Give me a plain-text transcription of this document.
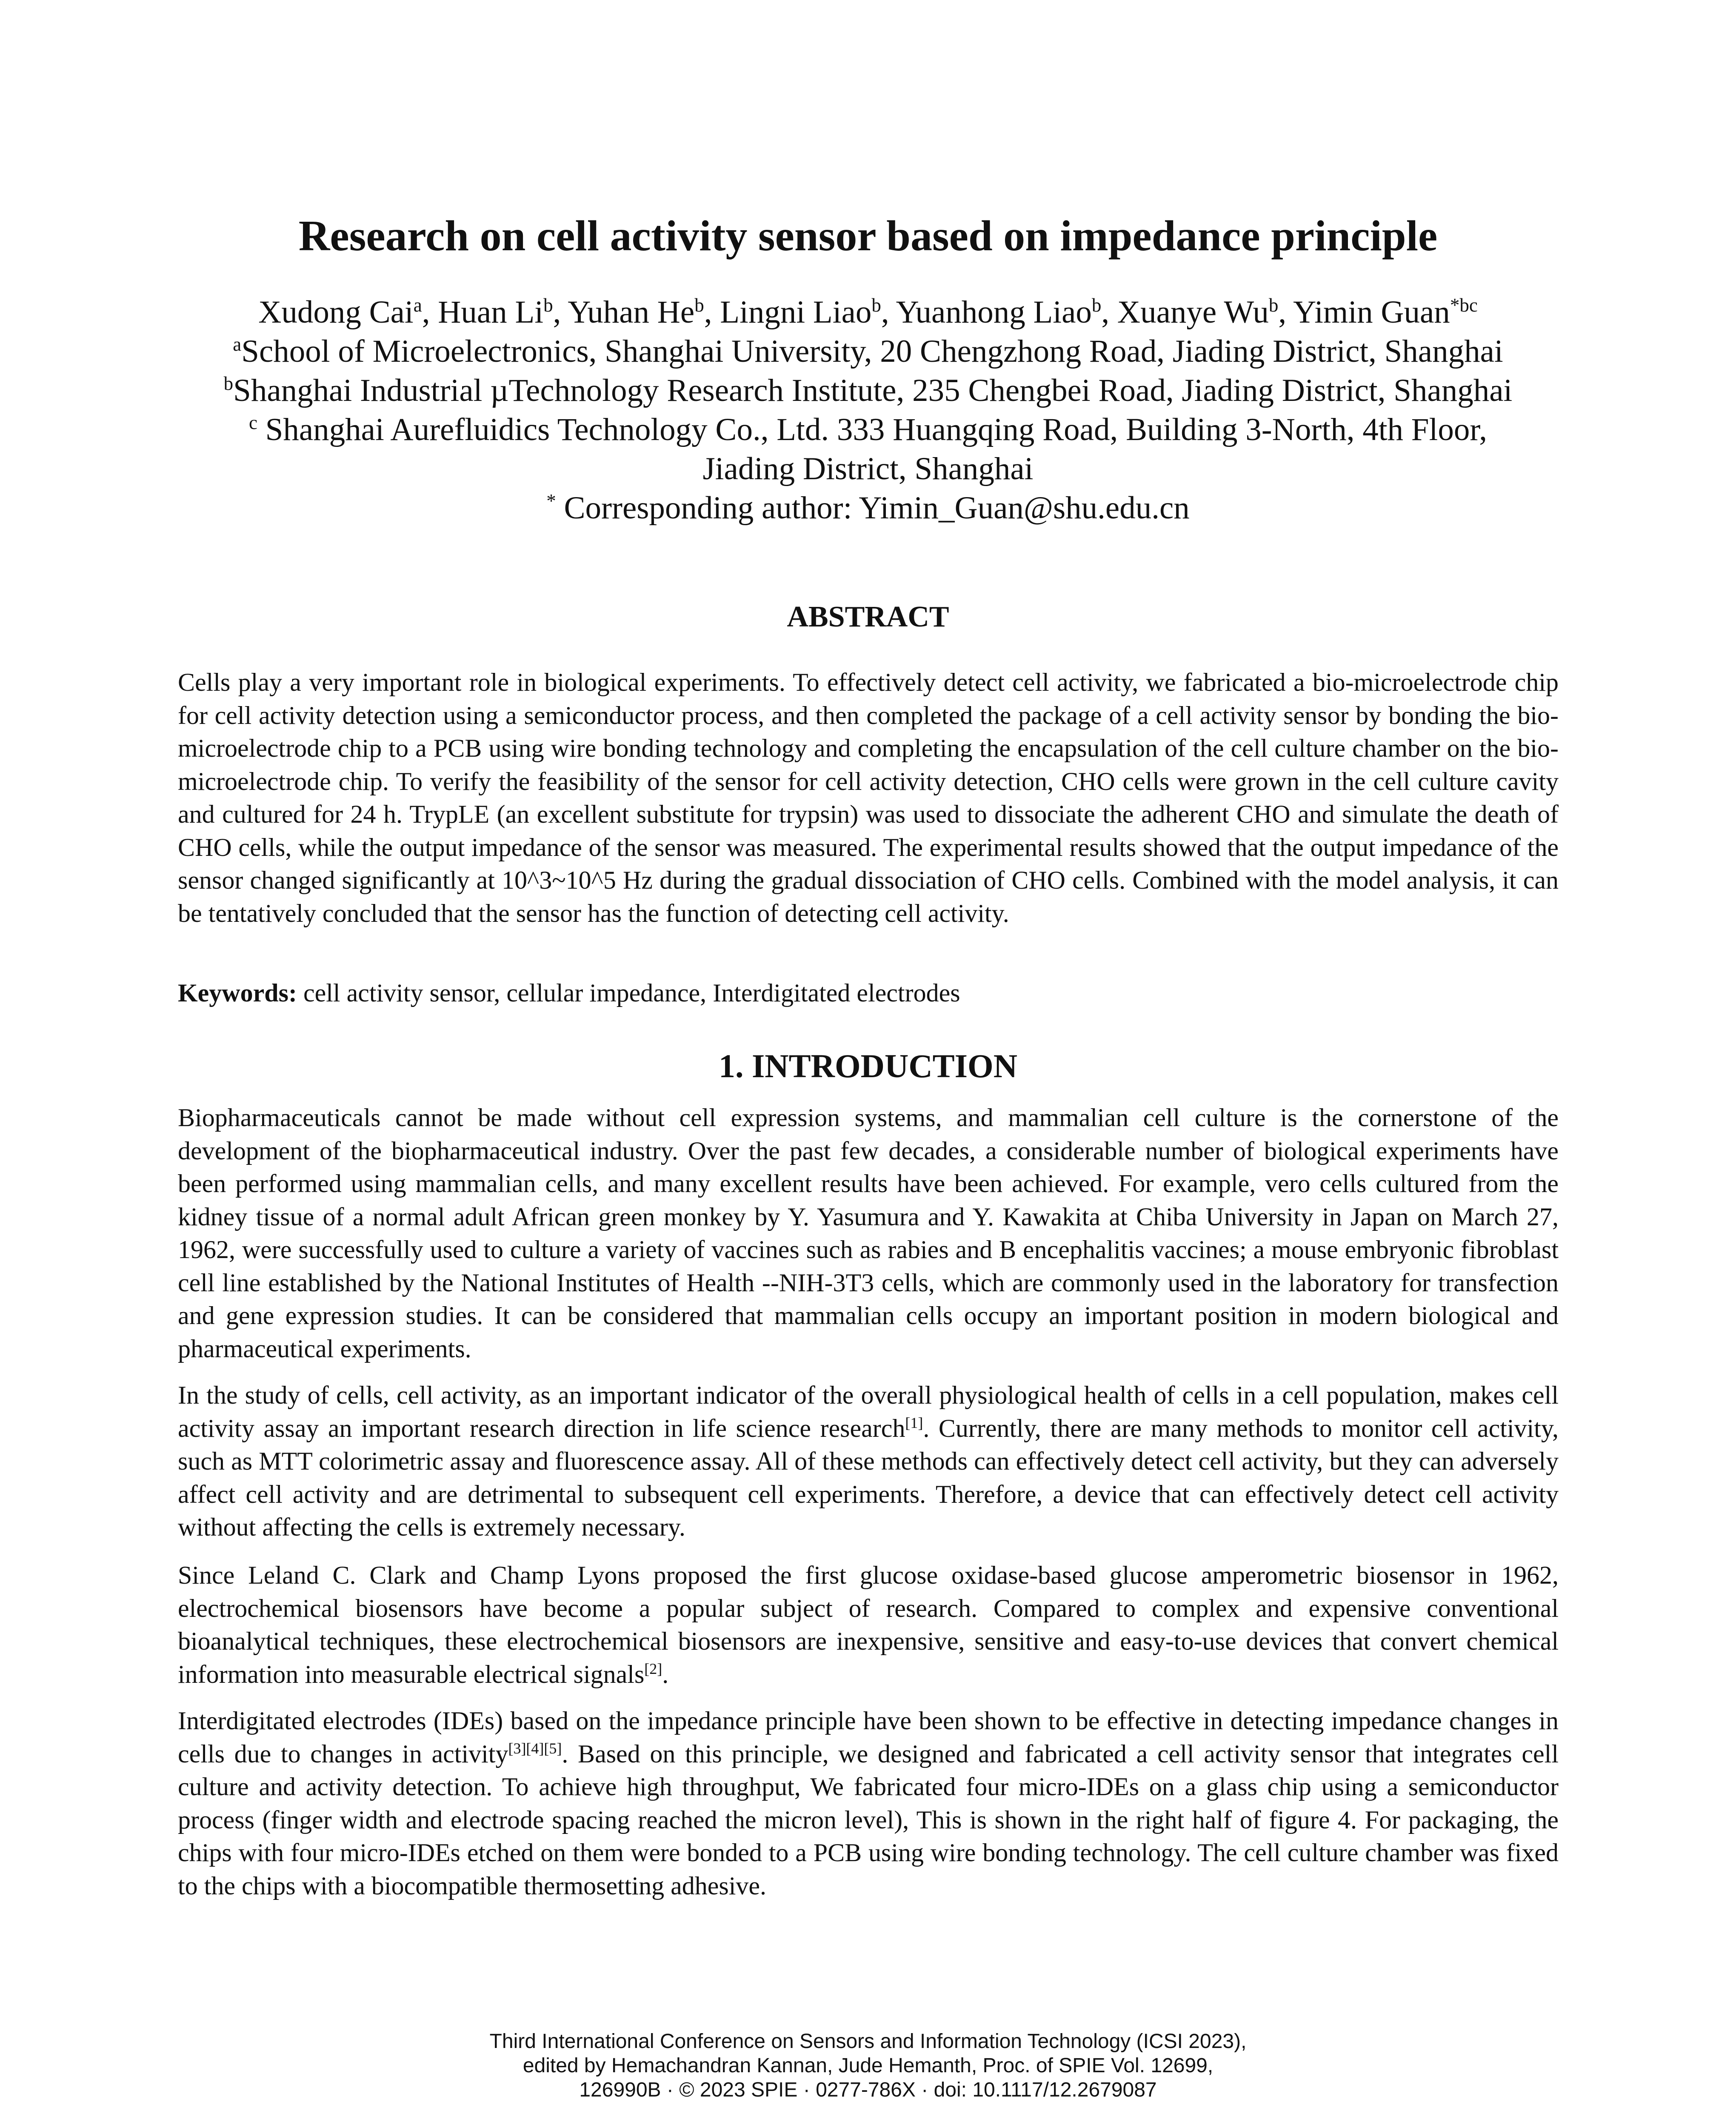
Research on cell activity sensor based on impedance principle
Xudong Cai$^a$, Huan Li$^b$, Yuhan He$^b$, Lingni Liao$^b$, Yuanhong Liao$^b$, Xuanye Wu$^b$, Yimin Guan$^{*bc}$
$^a$School of Microelectronics, Shanghai University, 20 Chengzhong Road, Jiading District, Shanghai
$^b$Shanghai Industrial µTechnology Research Institute, 235 Chengbei Road, Jiading District, Shanghai
$^c$ Shanghai Aurefluidics Technology Co., Ltd. 333 Huangqing Road, Building 3-North, 4th Floor,
Jiading District, Shanghai
* Corresponding author: Yimin_Guan@shu.edu.cn
ABSTRACT

Cells play a very important role in biological experiments. To effectively detect cell activity, we fabricated a bio-microelectrode chip for cell activity detection using a semiconductor process, and then completed the package of a cell activity sensor by bonding the bio-microelectrode chip to a PCB using wire bonding technology and completing the encapsulation of the cell culture chamber on the bio-microelectrode chip. To verify the feasibility of the sensor for cell activity detection, CHO cells were grown in the cell culture cavity and cultured for 24 h. TrypLE (an excellent substitute for trypsin) was used to dissociate the adherent CHO and simulate the death of CHO cells, while the output impedance of the sensor was measured. The experimental results showed that the output impedance of the sensor changed significantly at 10^3~10^5 Hz during the gradual dissociation of CHO cells. Combined with the model analysis, it can be tentatively concluded that the sensor has the function of detecting cell activity.

Keywords: cell activity sensor, cellular impedance, Interdigitated electrodes

1. INTRODUCTION

Biopharmaceuticals cannot be made without cell expression systems, and mammalian cell culture is the cornerstone of the development of the biopharmaceutical industry. Over the past few decades, a considerable number of biological experiments have been performed using mammalian cells, and many excellent results have been achieved. For example, vero cells cultured from the kidney tissue of a normal adult African green monkey by Y. Yasumura and Y. Kawakita at Chiba University in Japan on March 27, 1962, were successfully used to culture a variety of vaccines such as rabies and B encephalitis vaccines; a mouse embryonic fibroblast cell line established by the National Institutes of Health --NIH-3T3 cells, which are commonly used in the laboratory for transfection and gene expression studies. It can be considered that mammalian cells occupy an important position in modern biological and pharmaceutical experiments.

In the study of cells, cell activity, as an important indicator of the overall physiological health of cells in a cell population, makes cell activity assay an important research direction in life science research[1]. Currently, there are many methods to monitor cell activity, such as MTT colorimetric assay and fluorescence assay. All of these methods can effectively detect cell activity, but they can adversely affect cell activity and are detrimental to subsequent cell experiments. Therefore, a device that can effectively detect cell activity without affecting the cells is extremely necessary.

Since Leland C. Clark and Champ Lyons proposed the first glucose oxidase-based glucose amperometric biosensor in 1962, electrochemical biosensors have become a popular subject of research. Compared to complex and expensive conventional bioanalytical techniques, these electrochemical biosensors are inexpensive, sensitive and easy-to-use devices that convert chemical information into measurable electrical signals[2].

Interdigitated electrodes (IDEs) based on the impedance principle have been shown to be effective in detecting impedance changes in cells due to changes in activity[3][4][5]. Based on this principle, we designed and fabricated a cell activity sensor that integrates cell culture and activity detection. To achieve high throughput, We fabricated four micro-IDEs on a glass chip using a semiconductor process (finger width and electrode spacing reached the micron level), This is shown in the right half of figure 4. For packaging, the chips with four micro-IDEs etched on them were bonded to a PCB using wire bonding technology. The cell culture chamber was fixed to the chips with a biocompatible thermosetting adhesive.

Third International Conference on Sensors and Information Technology (ICSI 2023),
edited by Hemachandran Kannan, Jude Hemanth, Proc. of SPIE Vol. 12699,
126990B · © 2023 SPIE · 0277-786X · doi: 10.1117/12.2679087
